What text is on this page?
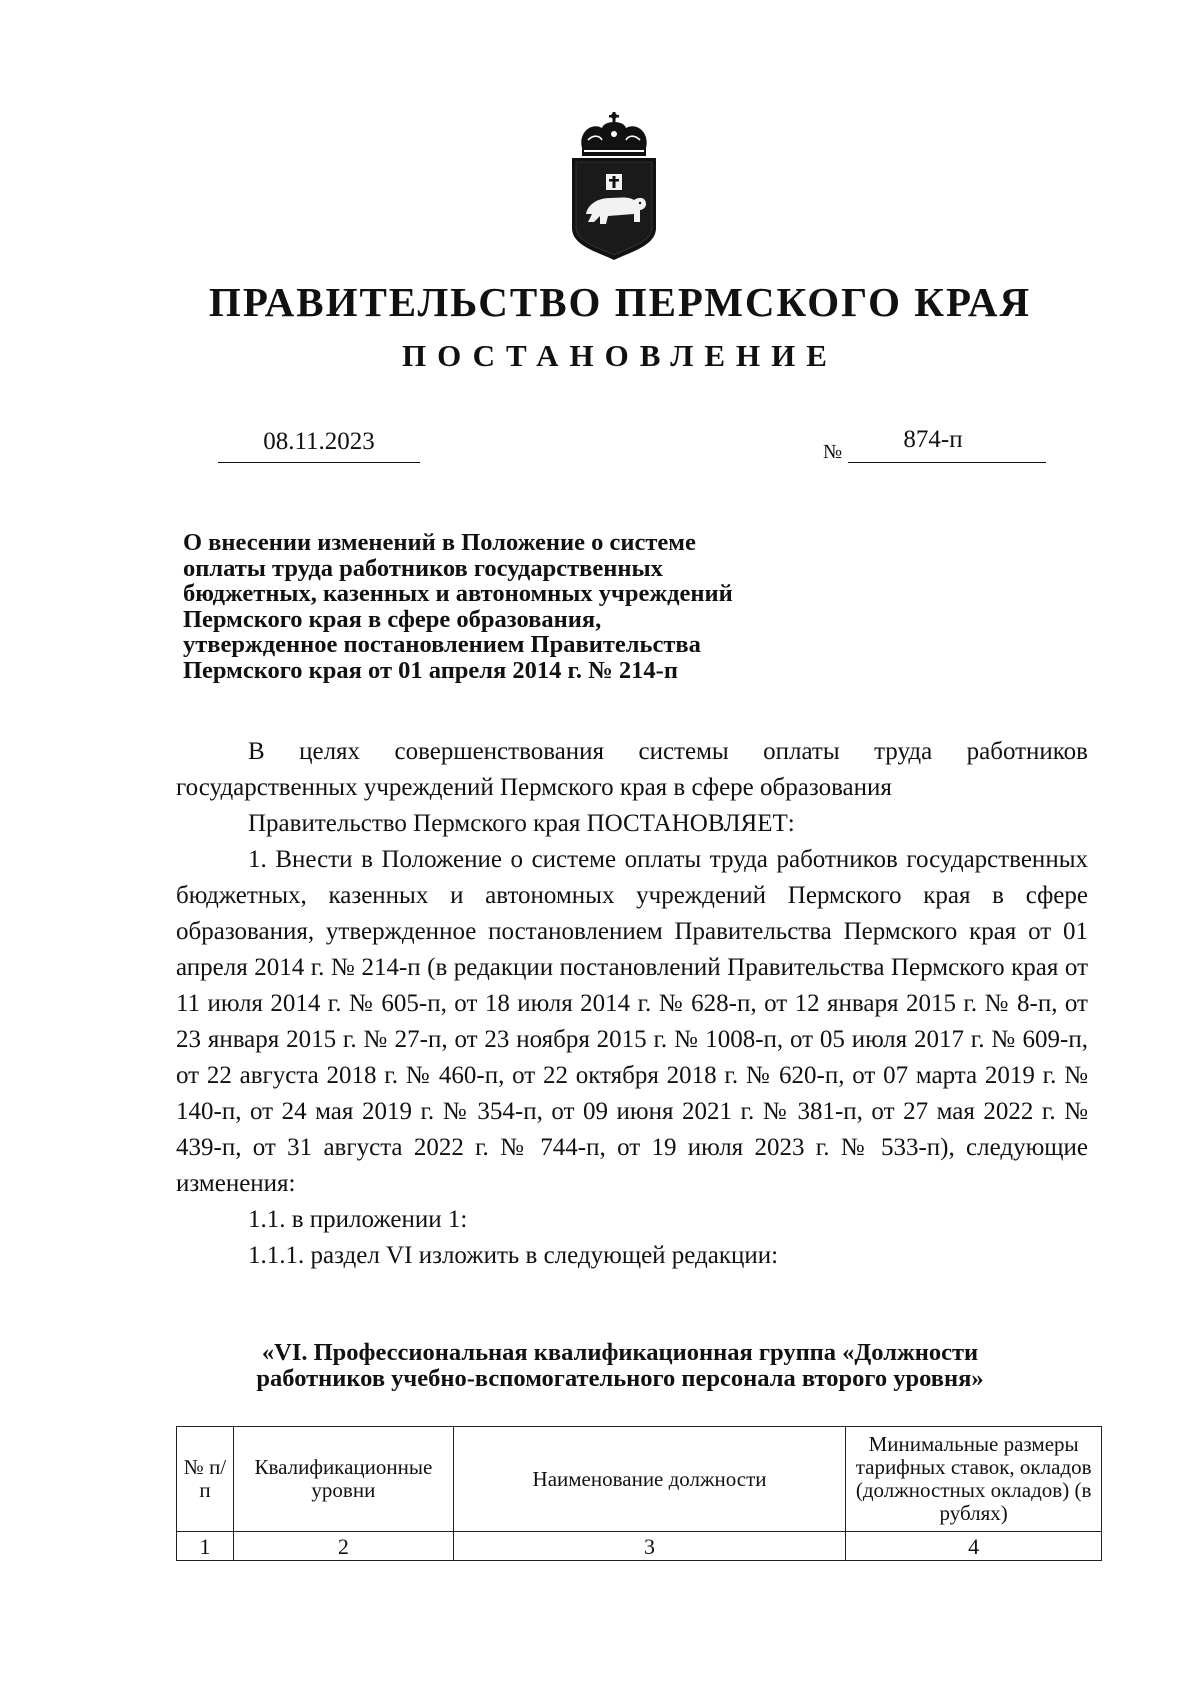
ПРАВИТЕЛЬСТВО ПЕРМСКОГО КРАЯ
ПОСТАНОВЛЕНИЕ
08.11.2023	№	874-п
О внесении изменений в Положение о системе
оплаты труда работников государственных
бюджетных, казенных и автономных учреждений
Пермского края в сфере образования,
утвержденное постановлением Правительства
Пермского края от 01 апреля 2014 г. № 214-п

В целях совершенствования системы оплаты труда работников государственных учреждений Пермского края в сфере образования

Правительство Пермского края ПОСТАНОВЛЯЕТ:

1. Внести в Положение о системе оплаты труда работников государственных бюджетных, казенных и автономных учреждений Пермского края в сфере образования, утвержденное постановлением Правительства Пермского края от 01 апреля 2014 г. № 214-п (в редакции постановлений Правительства Пермского края от 11 июля 2014 г. № 605-п, от 18 июля 2014 г. № 628-п, от 12 января 2015 г. № 8-п, от 23 января 2015 г. № 27-п, от 23 ноября 2015 г. № 1008-п, от 05 июля 2017 г. № 609-п, от 22 августа 2018 г. № 460-п, от 22 октября 2018 г. № 620-п, от 07 марта 2019 г. № 140-п, от 24 мая 2019 г. № 354-п, от 09 июня 2021 г. № 381-п, от 27 мая 2022 г. № 439-п, от 31 августа 2022 г. № 744-п, от 19 июля 2023 г. № 533-п), следующие изменения:

1.1. в приложении 1:

1.1.1. раздел VI изложить в следующей редакции:

«VI. Профессиональная квалификационная группа «Должности
работников учебно-вспомогательного персонала второго уровня»
№ п/п	Квалификационные уровни	Наименование должности	Минимальные размеры тарифных ставок, окладов (должностных окладов) (в рублях)
1	2	3	4
